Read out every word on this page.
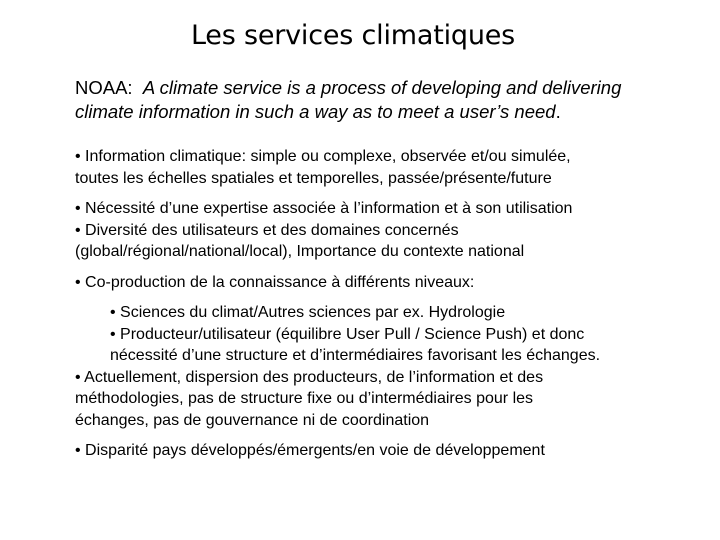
Les services climatiques
NOAA: A climate service is a process of developing and delivering
climate information in such a way as to meet a user’s need.
• Information climatique: simple ou complexe, observée et/ou simulée,
toutes les échelles spatiales et temporelles, passée/présente/future
• Nécessité d’une expertise associée à l’information et à son utilisation
• Diversité des utilisateurs et des domaines concernés
(global/régional/national/local), Importance du contexte national
• Co-production de la connaissance à différents niveaux:
• Sciences du climat/Autres sciences par ex. Hydrologie
• Producteur/utilisateur (équilibre User Pull / Science Push) et donc
nécessité d’une structure et d’intermédiaires favorisant les échanges.
• Actuellement, dispersion des producteurs, de l’information et des
méthodologies, pas de structure fixe ou d’intermédiaires pour les
échanges, pas de gouvernance ni de coordination
• Disparité pays développés/émergents/en voie de développement
